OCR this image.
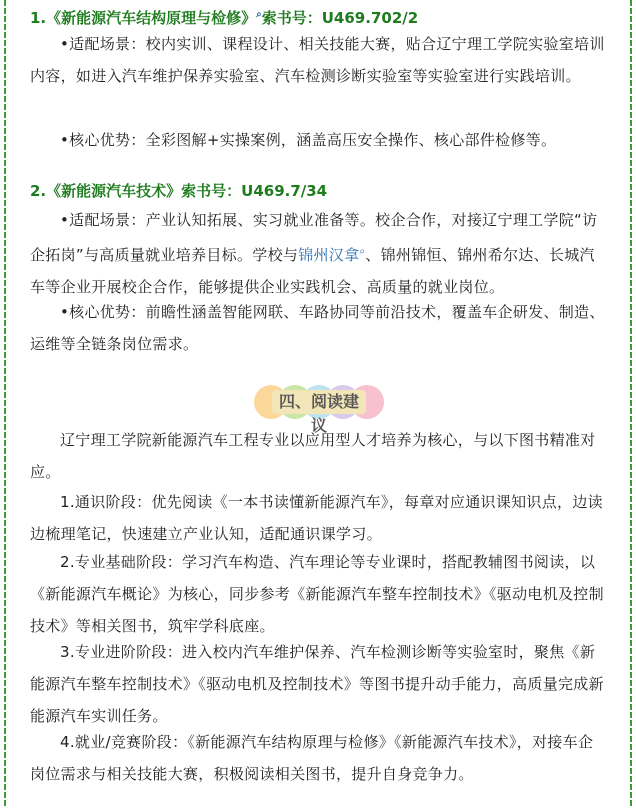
1.《新能源汽车结构原理与检修》⌕索书号：U469.702/2

•适配场景：校内实训、课程设计、相关技能大赛，贴合辽宁理工学院实验室培训内容，如进入汽车维护保养实验室、汽车检测诊断实验室等实验室进行实践培训。

•核心优势：全彩图解+实操案例，涵盖高压安全操作、核心部件检修等。

2.《新能源汽车技术》索书号：U469.7/34

•适配场景：产业认知拓展、实习就业准备等。校企合作，对接辽宁理工学院“访企拓岗”与高质量就业培养目标。学校与锦州汉拿⌕、锦州锦恒、锦州希尔达、长城汽车等企业开展校企合作，能够提供企业实践机会、高质量的就业岗位。

•核心优势：前瞻性涵盖智能网联、车路协同等前沿技术，覆盖车企研发、制造、运维等全链条岗位需求。

四、阅读建议

辽宁理工学院新能源汽车工程专业以应用型人才培养为核心，与以下图书精准对应。

1.通识阶段：优先阅读《一本书读懂新能源汽车》，每章对应通识课知识点，边读边梳理笔记，快速建立产业认知，适配通识课学习。

2.专业基础阶段：学习汽车构造、汽车理论等专业课时，搭配教辅图书阅读，以《新能源汽车概论》为核心，同步参考《新能源汽车整车控制技术》《驱动电机及控制技术》等相关图书，筑牢学科底座。

3.专业进阶阶段：进入校内汽车维护保养、汽车检测诊断等实验室时，聚焦《新能源汽车整车控制技术》《驱动电机及控制技术》等图书提升动手能力，高质量完成新能源汽车实训任务。

4.就业/竞赛阶段：《新能源汽车结构原理与检修》《新能源汽车技术》，对接车企岗位需求与相关技能大赛，积极阅读相关图书，提升自身竞争力。
